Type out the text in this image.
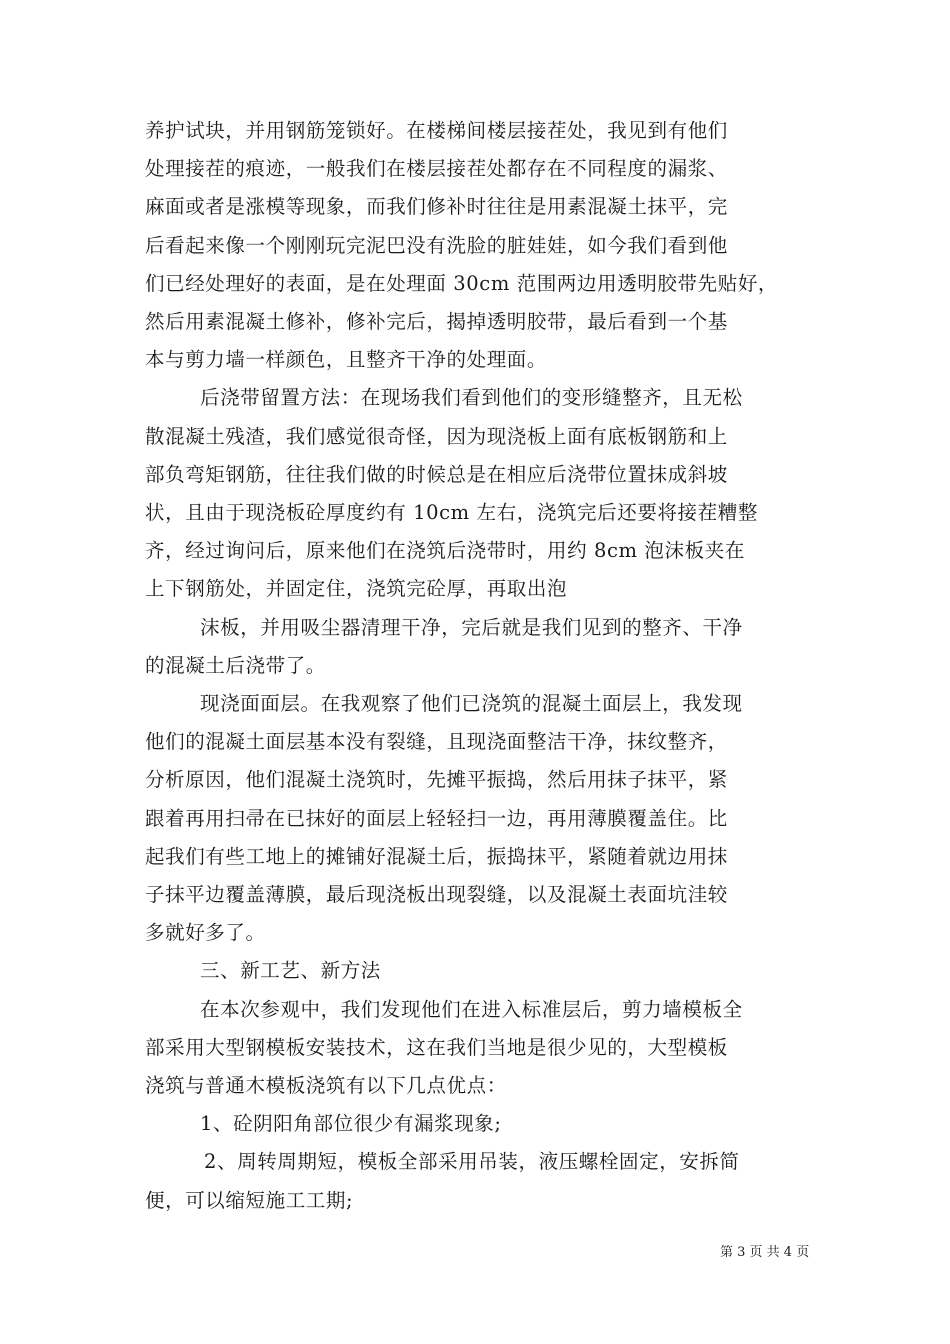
养护试块，并用钢筋笼锁好。在楼梯间楼层接茬处，我见到有他们
处理接茬的痕迹，一般我们在楼层接茬处都存在不同程度的漏浆、
麻面或者是涨模等现象，而我们修补时往往是用素混凝土抹平，完
后看起来像一个刚刚玩完泥巴没有洗脸的脏娃娃，如今我们看到他
们已经处理好的表面，是在处理面 30cm 范围两边用透明胶带先贴好，
然后用素混凝土修补，修补完后，揭掉透明胶带，最后看到一个基
本与剪力墙一样颜色，且整齐干净的处理面。
后浇带留置方法：在现场我们看到他们的变形缝整齐，且无松
散混凝土残渣，我们感觉很奇怪，因为现浇板上面有底板钢筋和上
部负弯矩钢筋，往往我们做的时候总是在相应后浇带位置抹成斜坡
状，且由于现浇板砼厚度约有 10cm 左右，浇筑完后还要将接茬糟整
齐，经过询问后，原来他们在浇筑后浇带时，用约 8cm 泡沫板夹在
上下钢筋处，并固定住，浇筑完砼厚，再取出泡
沫板，并用吸尘器清理干净，完后就是我们见到的整齐、干净
的混凝土后浇带了。
现浇面面层。在我观察了他们已浇筑的混凝土面层上，我发现
他们的混凝土面层基本没有裂缝，且现浇面整洁干净，抹纹整齐，
分析原因，他们混凝土浇筑时，先摊平振捣，然后用抹子抹平，紧
跟着再用扫帚在已抹好的面层上轻轻扫一边，再用薄膜覆盖住。比
起我们有些工地上的摊铺好混凝土后，振捣抹平，紧随着就边用抹
子抹平边覆盖薄膜，最后现浇板出现裂缝，以及混凝土表面坑洼较
多就好多了。
三、新工艺、新方法
在本次参观中，我们发现他们在进入标准层后，剪力墙模板全
部采用大型钢模板安装技术，这在我们当地是很少见的，大型模板
浇筑与普通木模板浇筑有以下几点优点：
1、砼阴阳角部位很少有漏浆现象;
2、周转周期短，模板全部采用吊装，液压螺栓固定，安拆简
便，可以缩短施工工期;
第 3 页 共 4 页
